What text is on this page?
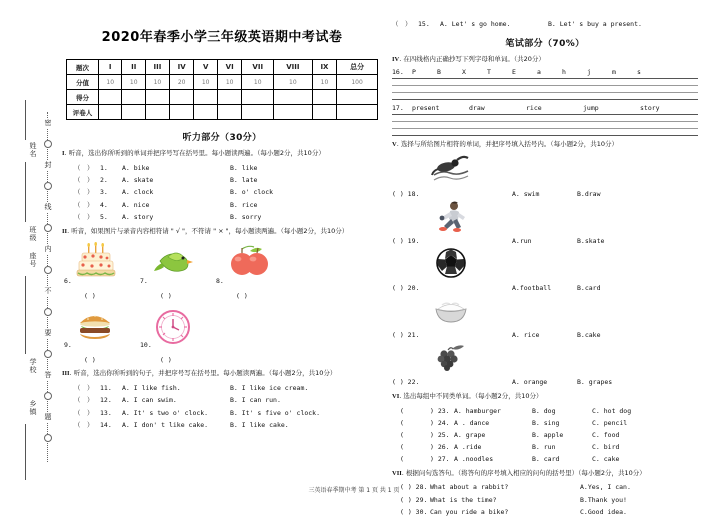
姓名
班级
座号
学校
乡镇
密
封
线
内
不
要
答
题
2020年春季小学三年级英语期中考试卷
题次	I	II	III	IV	V	VI	VII	VIII	IX	总分
分值	10	10	10	20	10	10	10	10	10	100
得分										
评卷人										
听力部分（30分）
I. 听音，选出你所听到的单词并把序号写在括号里。每小题读两遍。（每小题2分，共10分）
（　）	1.	A. bike	B. like
（　）	2.	A. skate	B. late
（　）	3.	A. clock	B. o' clock
（　）	4.	A. nice	B. rice
（　）	5.	A. story	B. sorry
II. 听音，如果图片与录音内容相符请 " √ "，不符请 " × "，每小题读两遍。（每小题2分，共10分）
6.
( )
7.
( )
8.
( )
9.
( )
10.
( )
III. 听音，选出你所听到的句子，并把序号写在括号里。每小题读两遍。（每小题2分，共10分）
（　）	11.	A. I like fish.	B. I like ice cream.
（　）	12.	A. I can swim.	B. I can run.
（　）	13.	A. It' s two o' clock.	B. It' s five o' clock.
（　）	14.	A. I don' t like cake.	B. I like cake.
（　）	15.	A. Let' s go home.	B. Let' s buy a present.
笔试部分（70%）
IV. 在四线格内正确抄写下列字母和单词。（共20分）
16.	P	B	X	T	E	a	h	j	m	s
17.	present	draw	rice	jump	story
V. 选择与所给图片相符的单词，并把序号填入括号内。（每小题2分，共10分）
( ) 18.	A. swim	B.draw
( ) 19.	A.run	B.skate
( ) 20.	A.football	B.card
( ) 21.	A. rice	B.cake
( ) 22.	A. orange	B. grapes
VI. 选出每组中不同类单词。（每小题2分，共10分）
(	) 23. A. hamburger	B. dog	C. hot dog
(	) 24. A . dance	B. sing	C. pencil
(	) 25. A. grape	B. apple	C. food
(	) 26. A .ride	B. run	C. bird
(	) 27. A .noodles	B. card	C. cake
VII. 根据问句选答句。（将答句的序号填入相应的问句的括号里）（每小题2分，共10分）
( ) 28. What about a rabbit?	A.Yes, I can.
( ) 29. What is the time?	B.Thank you!
( ) 30. Can you ride a bike?	C.Good idea.
三英语春季期中考 第 1 页 共 1 页
